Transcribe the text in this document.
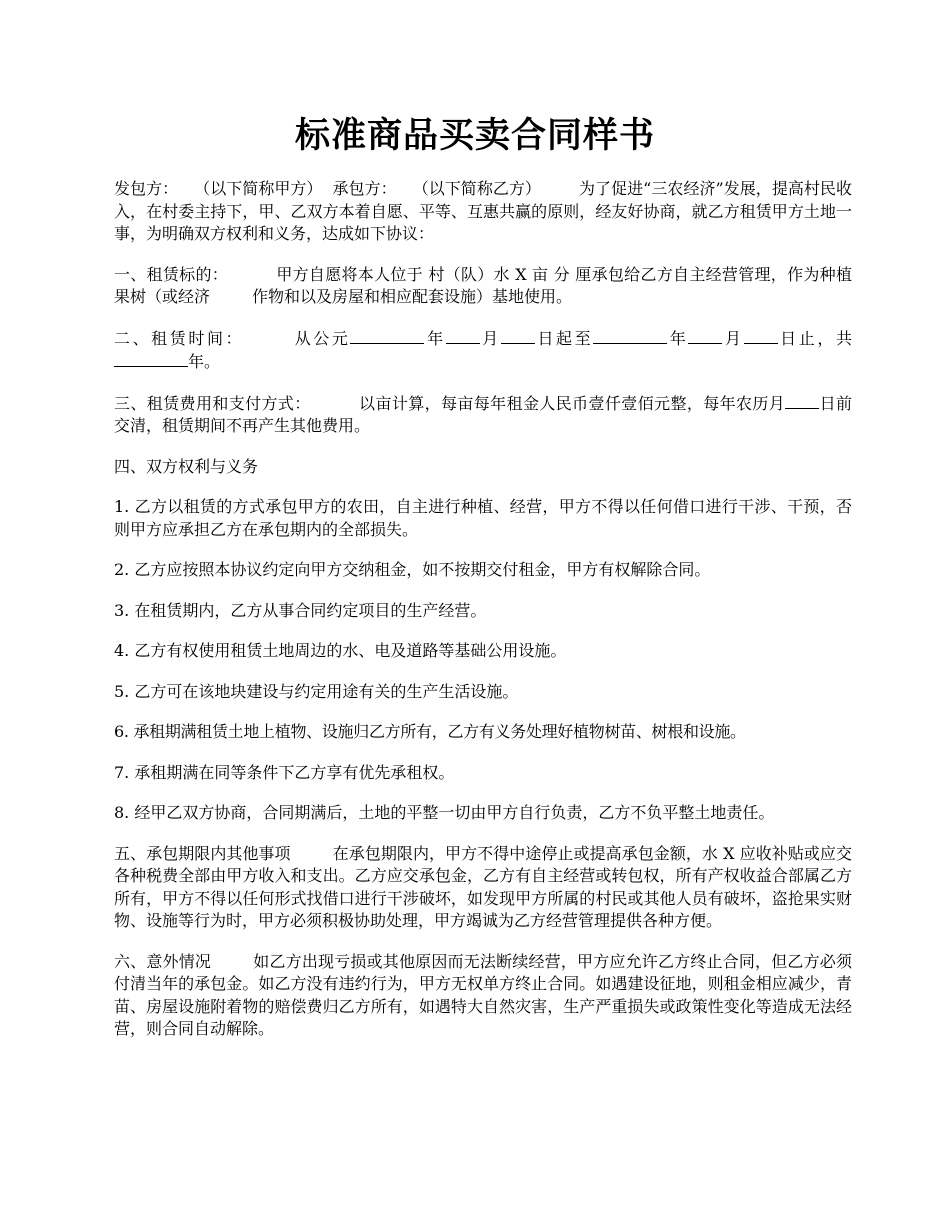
标准商品买卖合同样书

发包方： （以下简称甲方） 承包方： （以下简称乙方） 为了促进“三农经济”发展，提高村民收入，在村委主持下，甲、乙双方本着自愿、平等、互惠共赢的原则，经友好协商，就乙方租赁甲方土地一事，为明确双方权利和义务，达成如下协议：

一、租赁标的：	甲方自愿将本人位于 村（队）水 X 亩 分 厘承包给乙方自主经营管理，作为种植果树（或经济	作物和以及房屋和相应配套设施）基地使用。

二、租赁时间：	从公元	年 月 日起至	年 月 日止，共年。

三、租赁费用和支付方式：	以亩计算，每亩每年租金人民币壹仟壹佰元整，每年农历月 日前交清，租赁期间不再产生其他费用。

四、双方权利与义务

1. 乙方以租赁的方式承包甲方的农田，自主进行种植、经营，甲方不得以任何借口进行干涉、干预，否则甲方应承担乙方在承包期内的全部损失。

2. 乙方应按照本协议约定向甲方交纳租金，如不按期交付租金，甲方有权解除合同。

3. 在租赁期内，乙方从事合同约定项目的生产经营。

4. 乙方有权使用租赁土地周边的水、电及道路等基础公用设施。

5. 乙方可在该地块建设与约定用途有关的生产生活设施。

6. 承租期满租赁土地上植物、设施归乙方所有，乙方有义务处理好植物树苗、树根和设施。

7. 承租期满在同等条件下乙方享有优先承租权。

8. 经甲乙双方协商，合同期满后，土地的平整一切由甲方自行负责，乙方不负平整土地责任。

五、承包期限内其他事项	在承包期限内，甲方不得中途停止或提高承包金额，水 X 应收补贴或应交各种税费全部由甲方收入和支出。乙方应交承包金，乙方有自主经营或转包权，所有产权收益合部属乙方所有，甲方不得以任何形式找借口进行干涉破坏，如发现甲方所属的村民或其他人员有破坏，盗抢果实财物、设施等行为时，甲方必须积极协助处理，甲方竭诚为乙方经营管理提供各种方便。

六、意外情况	如乙方出现亏损或其他原因而无法断续经营，甲方应允许乙方终止合同，但乙方必须付清当年的承包金。如乙方没有违约行为，甲方无权单方终止合同。如遇建设征地，则租金相应减少，青苗、房屋设施附着物的赔偿费归乙方所有，如遇特大自然灾害，生产严重损失或政策性变化等造成无法经营，则合同自动解除。
